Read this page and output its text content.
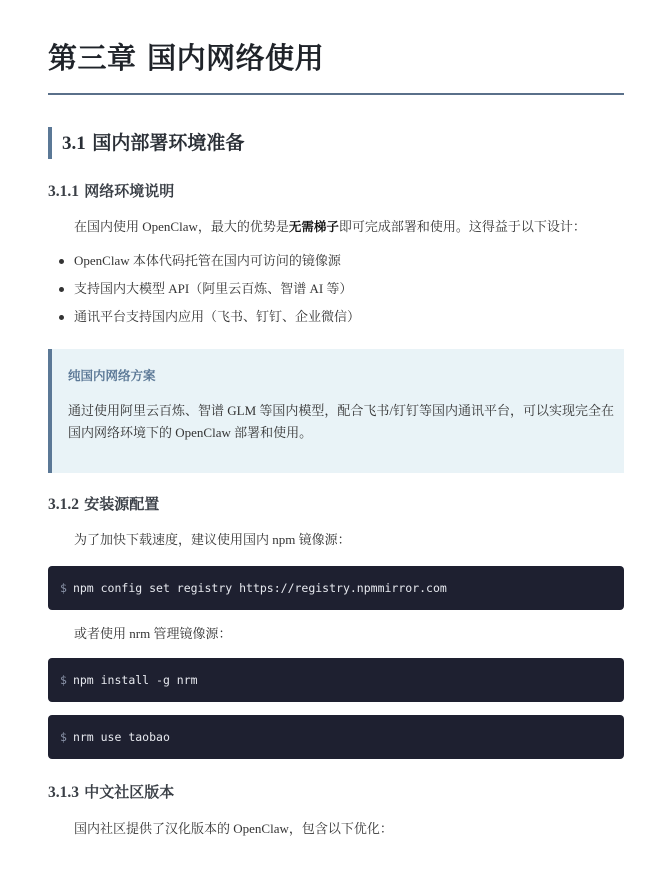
第三章 国内网络使用
3.1 国内部署环境准备
3.1.1 网络环境说明
在国内使用 OpenClaw，最大的优势是无需梯子即可完成部署和使用。这得益于以下设计：
OpenClaw 本体代码托管在国内可访问的镜像源
支持国内大模型 API（阿里云百炼、智谱 AI 等）
通讯平台支持国内应用（飞书、钉钉、企业微信）
纯国内网络方案
通过使用阿里云百炼、智谱 GLM 等国内模型，配合飞书/钉钉等国内通讯平台，可以实现完全在国内网络环境下的 OpenClaw 部署和使用。
3.1.2 安装源配置
为了加快下载速度，建议使用国内 npm 镜像源：
$ npm config set registry https://registry.npmmirror.com
或者使用 nrm 管理镜像源：
$ npm install -g nrm
$ nrm use taobao
3.1.3 中文社区版本
国内社区提供了汉化版本的 OpenClaw，包含以下优化：
